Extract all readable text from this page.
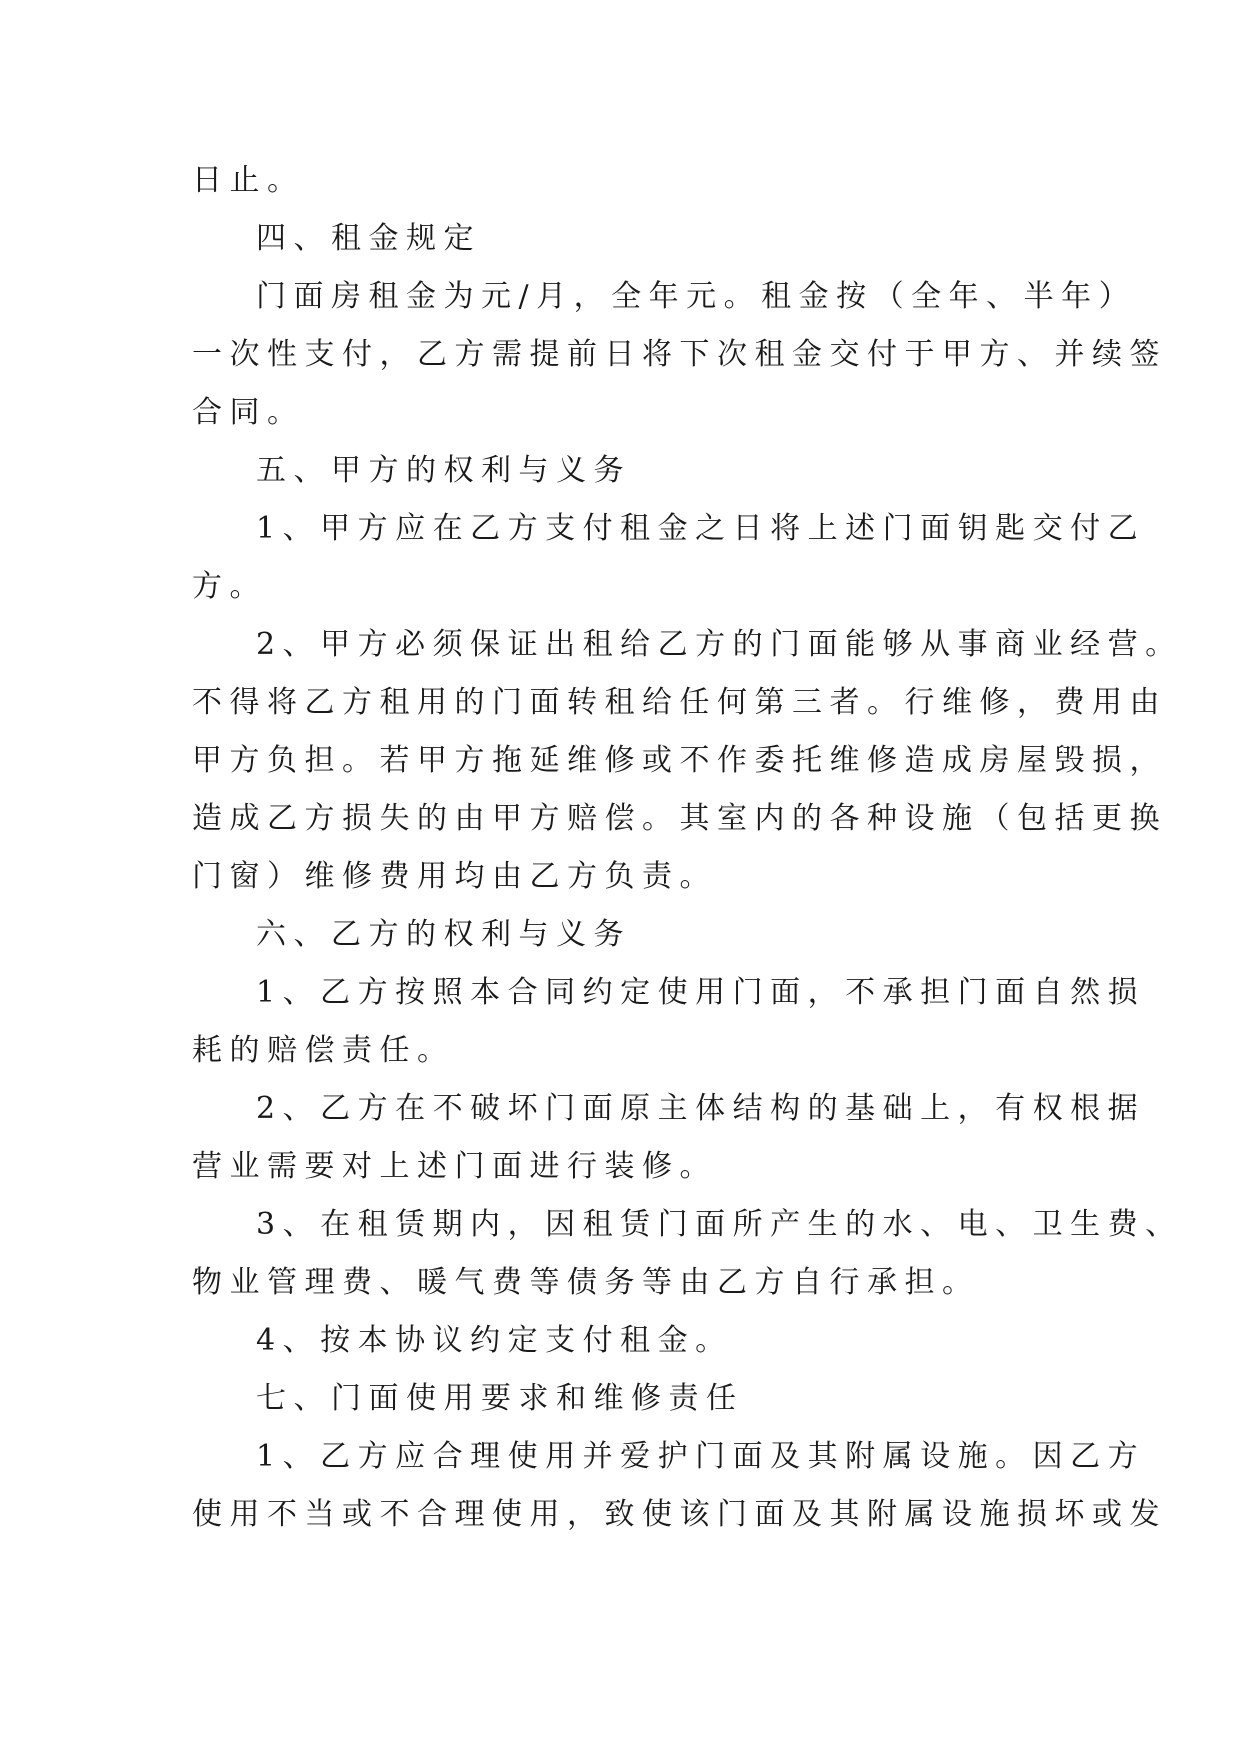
日止。

四、租金规定

门面房租金为元/月，全年元。租金按（全年、半年）

一次性支付，乙方需提前日将下次租金交付于甲方、并续签

合同。

五、甲方的权利与义务

1、甲方应在乙方支付租金之日将上述门面钥匙交付乙

方。

2、甲方必须保证出租给乙方的门面能够从事商业经营。

不得将乙方租用的门面转租给任何第三者。行维修，费用由

甲方负担。若甲方拖延维修或不作委托维修造成房屋毁损，

造成乙方损失的由甲方赔偿。其室内的各种设施（包括更换

门窗）维修费用均由乙方负责。

六、乙方的权利与义务

1、乙方按照本合同约定使用门面，不承担门面自然损

耗的赔偿责任。

2、乙方在不破坏门面原主体结构的基础上，有权根据

营业需要对上述门面进行装修。

3、在租赁期内，因租赁门面所产生的水、电、卫生费、

物业管理费、暖气费等债务等由乙方自行承担。

4、按本协议约定支付租金。

七、门面使用要求和维修责任

1、乙方应合理使用并爱护门面及其附属设施。因乙方

使用不当或不合理使用，致使该门面及其附属设施损坏或发
